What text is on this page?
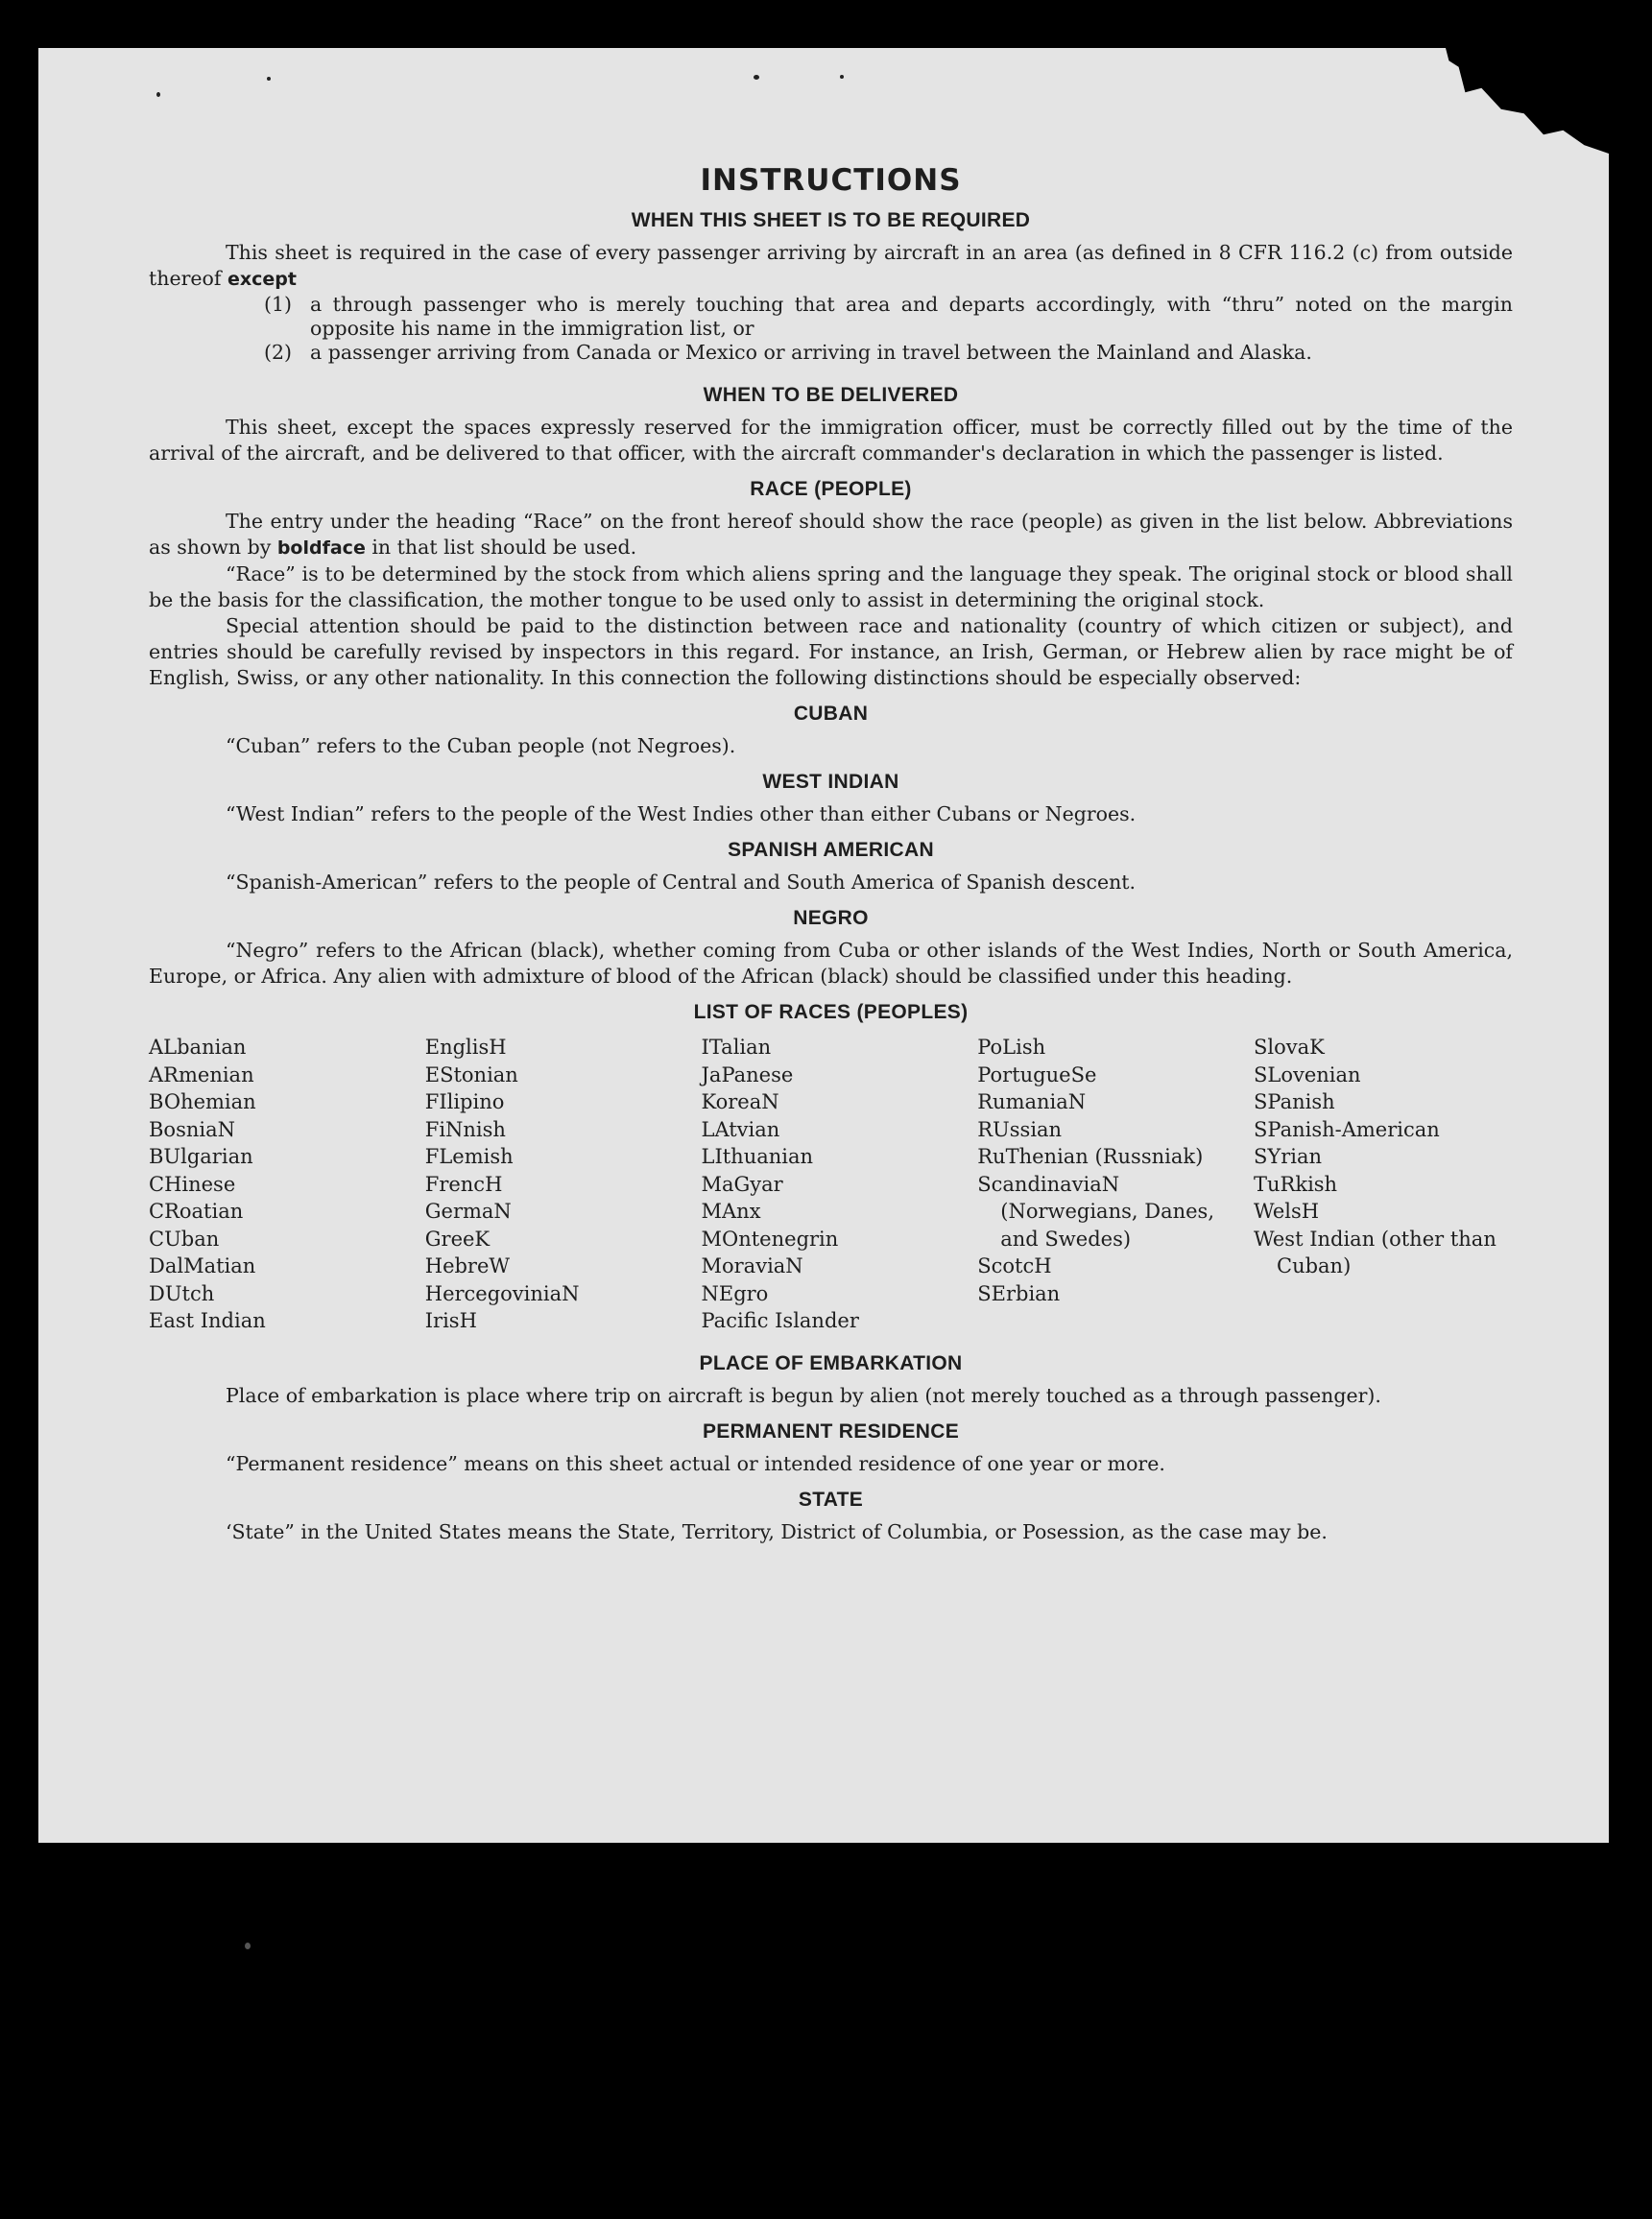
INSTRUCTIONS
WHEN THIS SHEET IS TO BE REQUIRED

This sheet is required in the case of every passenger arriving by aircraft in an area (as defined in 8 CFR 116.2 (c) from outside thereof except

(1) a through passenger who is merely touching that area and departs accordingly, with “thru” noted on the margin opposite his name in the immigration list, or
(2) a passenger arriving from Canada or Mexico or arriving in travel between the Mainland and Alaska.
WHEN TO BE DELIVERED

This sheet, except the spaces expressly reserved for the immigration officer, must be correctly filled out by the time of the arrival of the aircraft, and be delivered to that officer, with the aircraft commander's declaration in which the passenger is listed.

RACE (PEOPLE)

The entry under the heading “Race” on the front hereof should show the race (people) as given in the list below. Abbreviations as shown by boldface in that list should be used.

“Race” is to be determined by the stock from which aliens spring and the language they speak. The original stock or blood shall be the basis for the classification, the mother tongue to be used only to assist in determining the original stock.

Special attention should be paid to the distinction between race and nationality (country of which citizen or subject), and entries should be carefully revised by inspectors in this regard. For instance, an Irish, German, or Hebrew alien by race might be of English, Swiss, or any other nationality. In this connection the following distinctions should be especially observed:

CUBAN

“Cuban” refers to the Cuban people (not Negroes).

WEST INDIAN

“West Indian” refers to the people of the West Indies other than either Cubans or Negroes.

SPANISH AMERICAN

“Spanish-American” refers to the people of Central and South America of Spanish descent.

NEGRO

“Negro” refers to the African (black), whether coming from Cuba or other islands of the West Indies, North or South America, Europe, or Africa. Any alien with admixture of blood of the African (black) should be classified under this heading.

LIST OF RACES (PEOPLES)
ALbanian
ARmenian
BOhemian
BosniaN
BUlgarian
CHinese
CRoatian
CUban
DalMatian
DUtch
East Indian
EnglisH
EStonian
FIlipino
FiNnish
FLemish
FrencH
GermaN
GreeK
HebreW
HercegoviniaN
IrisH
ITalian
JaPanese
KoreaN
LAtvian
LIthuanian
MaGyar
MAnx
MOntenegrin
MoraviaN
NEgro
Pacific Islander
PoLish
PortugueSe
RumaniaN
RUssian
RuThenian (Russniak)
ScandinaviaN (Norwegians, Danes, and Swedes)
ScotcH
SErbian
SlovaK
SLovenian
SPanish
SPanish-American
SYrian
TuRkish
WelsH
West Indian (other than Cuban)
PLACE OF EMBARKATION

Place of embarkation is place where trip on aircraft is begun by alien (not merely touched as a through passenger).

PERMANENT RESIDENCE

“Permanent residence” means on this sheet actual or intended residence of one year or more.

STATE

‘State” in the United States means the State, Territory, District of Columbia, or Posession, as the case may be.
